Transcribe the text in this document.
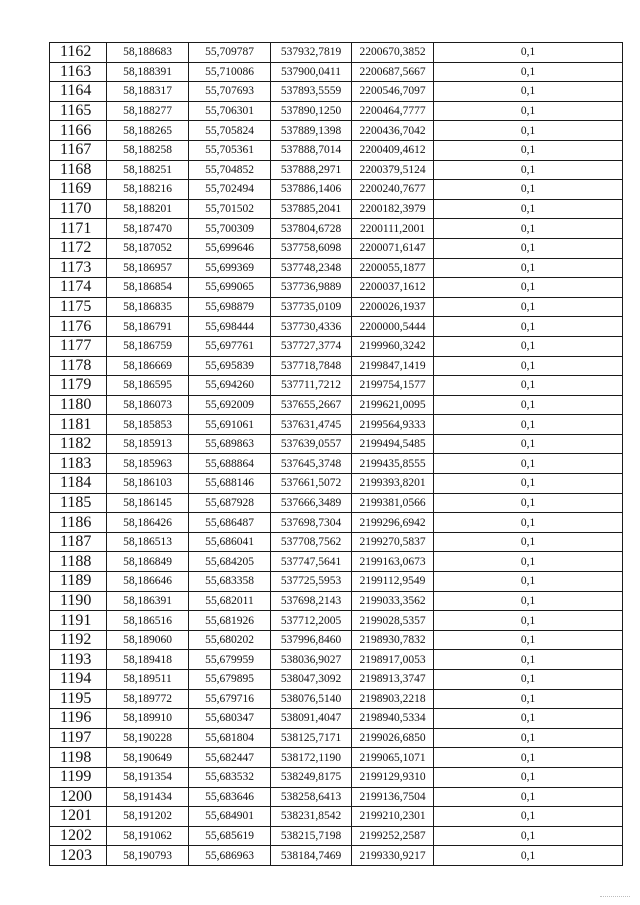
1162	58,188683	55,709787	537932,7819	2200670,3852	0,1
1163	58,188391	55,710086	537900,0411	2200687,5667	0,1
1164	58,188317	55,707693	537893,5559	2200546,7097	0,1
1165	58,188277	55,706301	537890,1250	2200464,7777	0,1
1166	58,188265	55,705824	537889,1398	2200436,7042	0,1
1167	58,188258	55,705361	537888,7014	2200409,4612	0,1
1168	58,188251	55,704852	537888,2971	2200379,5124	0,1
1169	58,188216	55,702494	537886,1406	2200240,7677	0,1
1170	58,188201	55,701502	537885,2041	2200182,3979	0,1
1171	58,187470	55,700309	537804,6728	2200111,2001	0,1
1172	58,187052	55,699646	537758,6098	2200071,6147	0,1
1173	58,186957	55,699369	537748,2348	2200055,1877	0,1
1174	58,186854	55,699065	537736,9889	2200037,1612	0,1
1175	58,186835	55,698879	537735,0109	2200026,1937	0,1
1176	58,186791	55,698444	537730,4336	2200000,5444	0,1
1177	58,186759	55,697761	537727,3774	2199960,3242	0,1
1178	58,186669	55,695839	537718,7848	2199847,1419	0,1
1179	58,186595	55,694260	537711,7212	2199754,1577	0,1
1180	58,186073	55,692009	537655,2667	2199621,0095	0,1
1181	58,185853	55,691061	537631,4745	2199564,9333	0,1
1182	58,185913	55,689863	537639,0557	2199494,5485	0,1
1183	58,185963	55,688864	537645,3748	2199435,8555	0,1
1184	58,186103	55,688146	537661,5072	2199393,8201	0,1
1185	58,186145	55,687928	537666,3489	2199381,0566	0,1
1186	58,186426	55,686487	537698,7304	2199296,6942	0,1
1187	58,186513	55,686041	537708,7562	2199270,5837	0,1
1188	58,186849	55,684205	537747,5641	2199163,0673	0,1
1189	58,186646	55,683358	537725,5953	2199112,9549	0,1
1190	58,186391	55,682011	537698,2143	2199033,3562	0,1
1191	58,186516	55,681926	537712,2005	2199028,5357	0,1
1192	58,189060	55,680202	537996,8460	2198930,7832	0,1
1193	58,189418	55,679959	538036,9027	2198917,0053	0,1
1194	58,189511	55,679895	538047,3092	2198913,3747	0,1
1195	58,189772	55,679716	538076,5140	2198903,2218	0,1
1196	58,189910	55,680347	538091,4047	2198940,5334	0,1
1197	58,190228	55,681804	538125,7171	2199026,6850	0,1
1198	58,190649	55,682447	538172,1190	2199065,1071	0,1
1199	58,191354	55,683532	538249,8175	2199129,9310	0,1
1200	58,191434	55,683646	538258,6413	2199136,7504	0,1
1201	58,191202	55,684901	538231,8542	2199210,2301	0,1
1202	58,191062	55,685619	538215,7198	2199252,2587	0,1
1203	58,190793	55,686963	538184,7469	2199330,9217	0,1
